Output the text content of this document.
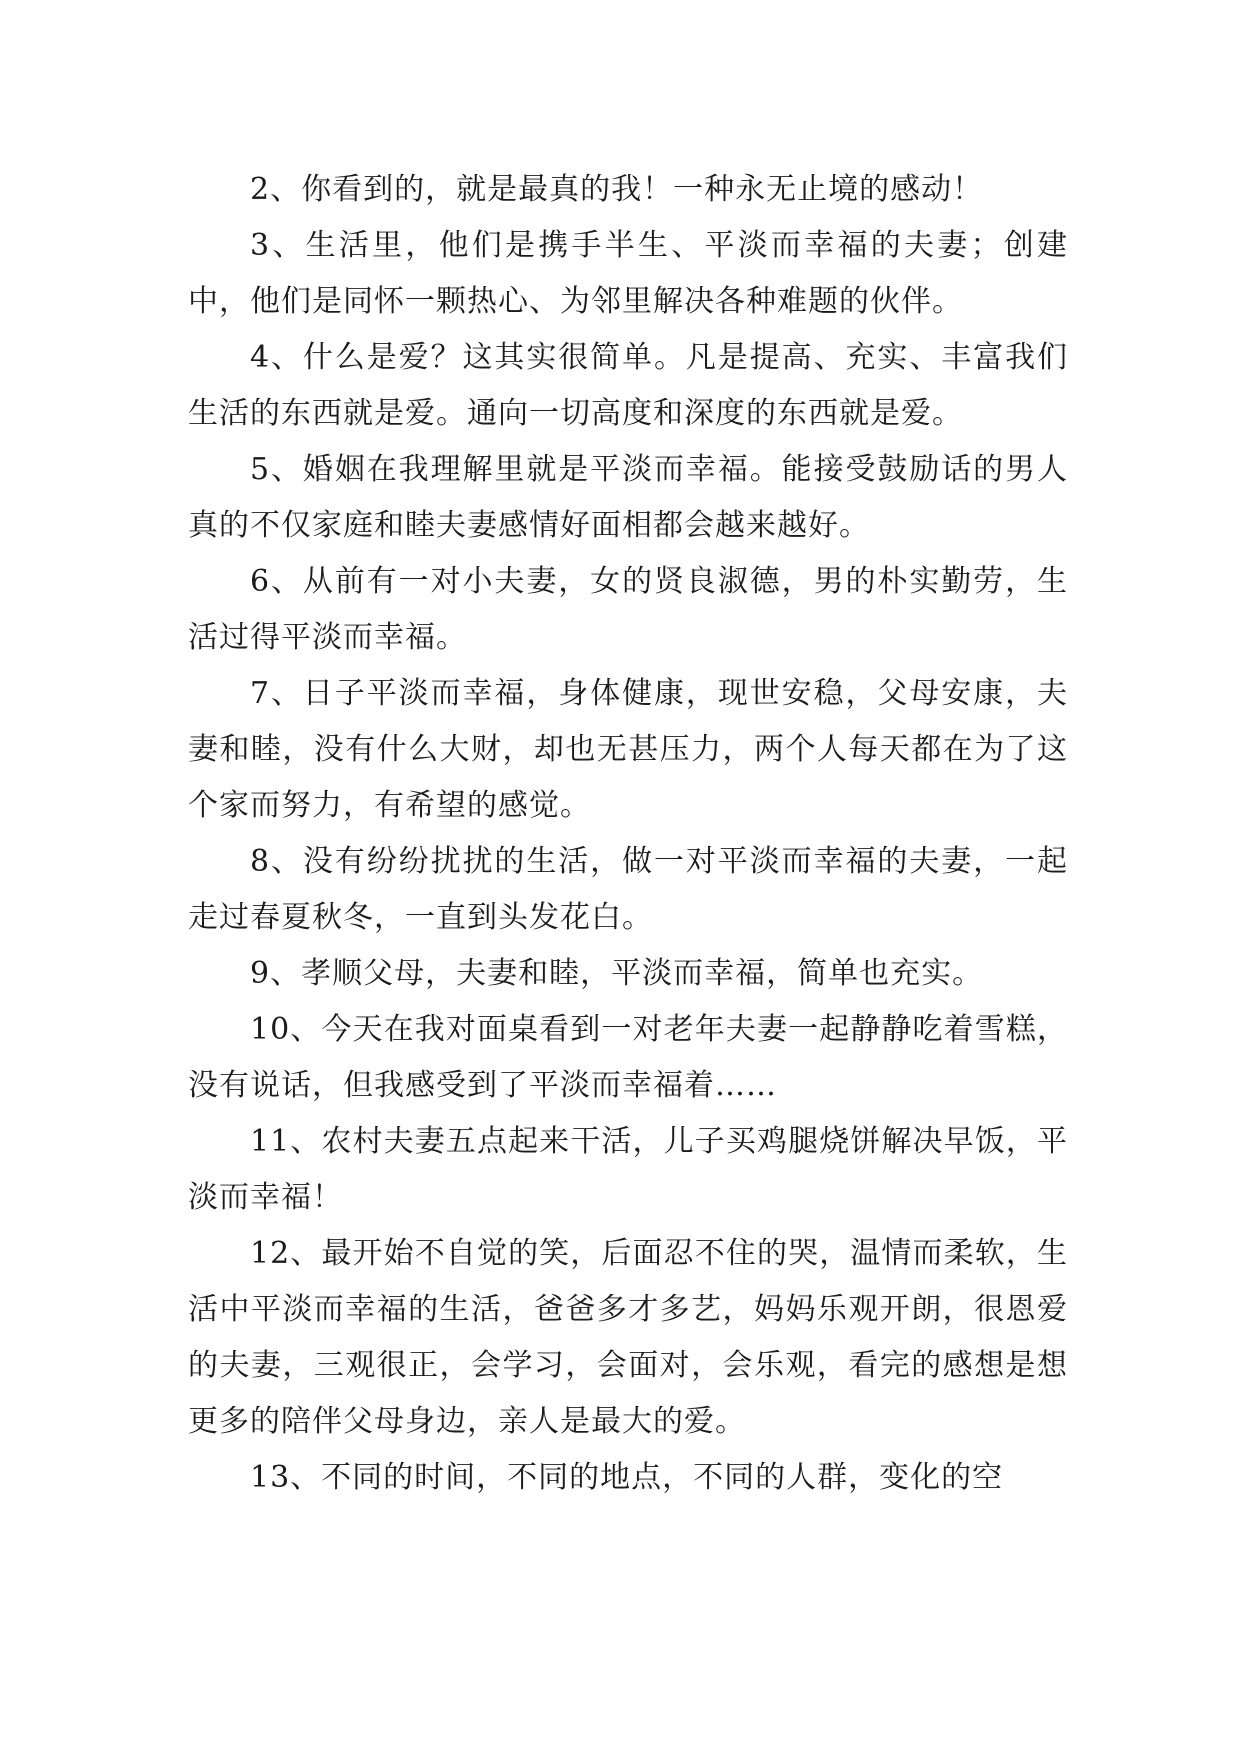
2、你看到的，就是最真的我！一种永无止境的感动！

3、生活里，他们是携手半生、平淡而幸福的夫妻；创建中，他们是同怀一颗热心、为邻里解决各种难题的伙伴。

4、什么是爱？这其实很简单。凡是提高、充实、丰富我们生活的东西就是爱。通向一切高度和深度的东西就是爱。

5、婚姻在我理解里就是平淡而幸福。能接受鼓励话的男人真的不仅家庭和睦夫妻感情好面相都会越来越好。

6、从前有一对小夫妻，女的贤良淑德，男的朴实勤劳，生活过得平淡而幸福。

7、日子平淡而幸福，身体健康，现世安稳，父母安康，夫妻和睦，没有什么大财，却也无甚压力，两个人每天都在为了这个家而努力，有希望的感觉。

8、没有纷纷扰扰的生活，做一对平淡而幸福的夫妻，一起走过春夏秋冬，一直到头发花白。

9、孝顺父母，夫妻和睦，平淡而幸福，简单也充实。

10、今天在我对面桌看到一对老年夫妻一起静静吃着雪糕，没有说话，但我感受到了平淡而幸福着……

11、农村夫妻五点起来干活，儿子买鸡腿烧饼解决早饭，平淡而幸福！

12、最开始不自觉的笑，后面忍不住的哭，温情而柔软，生活中平淡而幸福的生活，爸爸多才多艺，妈妈乐观开朗，很恩爱的夫妻，三观很正，会学习，会面对，会乐观，看完的感想是想更多的陪伴父母身边，亲人是最大的爱。

13、不同的时间，不同的地点，不同的人群，变化的空
